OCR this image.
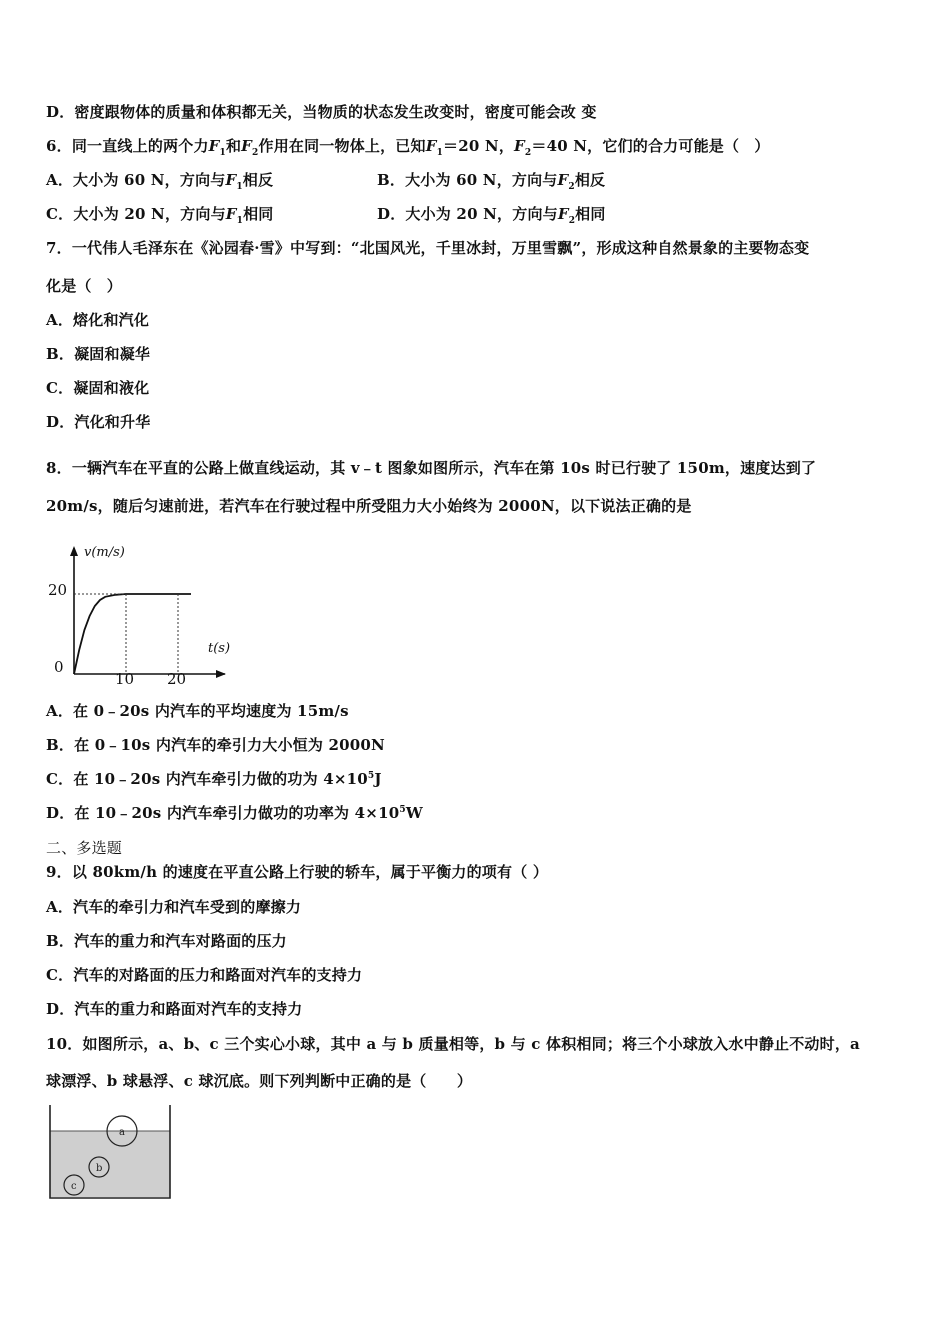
D．密度跟物体的质量和体积都无关，当物质的状态发生改变时，密度可能会改 变
6．同一直线上的两个力$F_1$和$F_2$作用在同一物体上，已知$F_1=20$ N，$F_2=40$ N，它们的合力可能是（　）
A．大小为 60 N，方向与$F_1$相反	B．大小为 60 N，方向与$F_2$相反
C．大小为 20 N，方向与$F_1$相同	D．大小为 20 N，方向与$F_2$相同
7．一代伟人毛泽东在《沁园春·雪》中写到：“北国风光，千里冰封，万里雪飘”，形成这种自然景象的主要物态变
化是（　）
A．熔化和汽化
B．凝固和凝华
C．凝固和液化
D．汽化和升华
8．一辆汽车在平直的公路上做直线运动，其 v﹣t 图象如图所示，汽车在第 10s 时已行驶了 150m，速度达到了
20m/s，随后匀速前进，若汽车在行驶过程中所受阻力大小始终为 2000N，以下说法正确的是
v(m/s)
t(s)
0
20
10 20
A．在 0﹣20s 内汽车的平均速度为 15m/s
B．在 0﹣10s 内汽车的牵引力大小恒为 2000N
C．在 10﹣20s 内汽车牵引力做的功为 $4\times 10^5J$
D．在 10﹣20s 内汽车牵引力做功的功率为 $4\times 10^5W$
二、多选题
9．以 80km/h 的速度在平直公路上行驶的轿车，属于平衡力的项有（ ）
A．汽车的牵引力和汽车受到的摩擦力
B．汽车的重力和汽车对路面的压力
C．汽车的对路面的压力和路面对汽车的支持力
D．汽车的重力和路面对汽车的支持力
10．如图所示，a、b、c 三个实心小球，其中 a 与 b 质量相等，b 与 c 体积相同；将三个小球放入水中静止不动时，a
球漂浮、b 球悬浮、c 球沉底。则下列判断中正确的是（　　）
a
b
c
